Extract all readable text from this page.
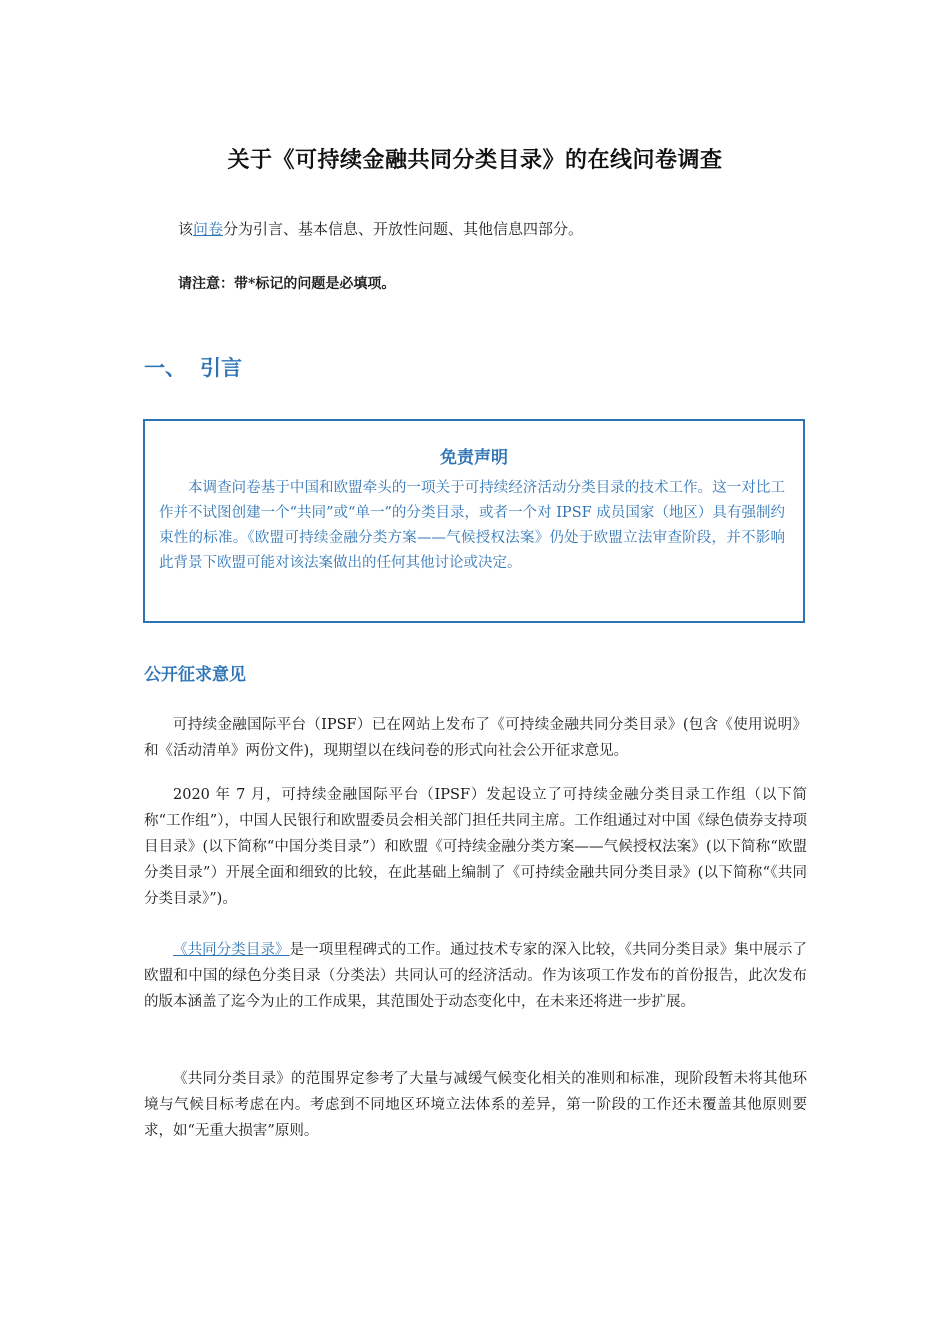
关于《可持续金融共同分类目录》的在线问卷调查
该问卷分为引言、基本信息、开放性问题、其他信息四部分。
请注意：带*标记的问题是必填项。
一、 引言
免责声明
本调查问卷基于中国和欧盟牵头的一项关于可持续经济活动分类目录的技术工作。这一对比工作并不试图创建一个“共同”或“单一”的分类目录，或者一个对 IPSF 成员国家（地区）具有强制约束性的标准。《欧盟可持续金融分类方案——气候授权法案》仍处于欧盟立法审查阶段，并不影响此背景下欧盟可能对该法案做出的任何其他讨论或决定。
公开征求意见
可持续金融国际平台（IPSF）已在网站上发布了《可持续金融共同分类目录》(包含《使用说明》和《活动清单》两份文件)，现期望以在线问卷的形式向社会公开征求意见。
2020 年 7 月，可持续金融国际平台（IPSF）发起设立了可持续金融分类目录工作组（以下简称“工作组”），中国人民银行和欧盟委员会相关部门担任共同主席。工作组通过对中国《绿色债券支持项目目录》(以下简称“中国分类目录”）和欧盟《可持续金融分类方案——气候授权法案》(以下简称“欧盟分类目录”）开展全面和细致的比较，在此基础上编制了《可持续金融共同分类目录》(以下简称“《共同分类目录》”)。
《共同分类目录》是一项里程碑式的工作。通过技术专家的深入比较，《共同分类目录》集中展示了欧盟和中国的绿色分类目录（分类法）共同认可的经济活动。作为该项工作发布的首份报告，此次发布的版本涵盖了迄今为止的工作成果，其范围处于动态变化中，在未来还将进一步扩展。
《共同分类目录》的范围界定参考了大量与减缓气候变化相关的准则和标准，现阶段暂未将其他环境与气候目标考虑在内。考虑到不同地区环境立法体系的差异，第一阶段的工作还未覆盖其他原则要求，如“无重大损害”原则。
